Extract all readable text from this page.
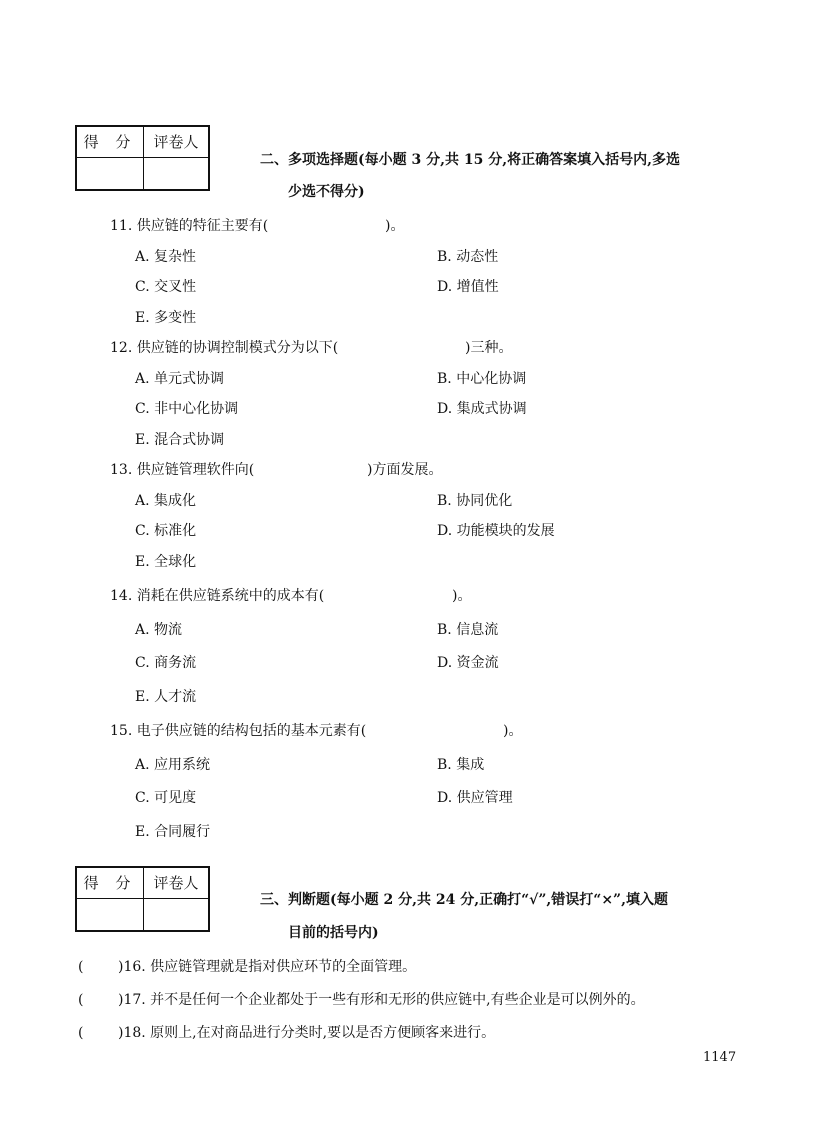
得 分	评卷人
二、多项选择题(每小题 3 分,共 15 分,将正确答案填入括号内,多选
少选不得分)
11. 供应链的特征主要有(	)。
A. 复杂性	B. 动态性
C. 交叉性	D. 增值性
E. 多变性
12. 供应链的协调控制模式分为以下(	)三种。
A. 单元式协调	B. 中心化协调
C. 非中心化协调	D. 集成式协调
E. 混合式协调
13. 供应链管理软件向(	)方面发展。
A. 集成化	B. 协同优化
C. 标准化	D. 功能模块的发展
E. 全球化
14. 消耗在供应链系统中的成本有(	)。
A. 物流	B. 信息流
C. 商务流	D. 资金流
E. 人才流
15. 电子供应链的结构包括的基本元素有(	)。
A. 应用系统	B. 集成
C. 可见度	D. 供应管理
E. 合同履行
得 分	评卷人
三、判断题(每小题 2 分,共 24 分,正确打“√”,错误打“×”,填入题
目前的括号内)
( )16. 供应链管理就是指对供应环节的全面管理。
( )17. 并不是任何一个企业都处于一些有形和无形的供应链中,有些企业是可以例外的。
( )18. 原则上,在对商品进行分类时,要以是否方便顾客来进行。
1147
